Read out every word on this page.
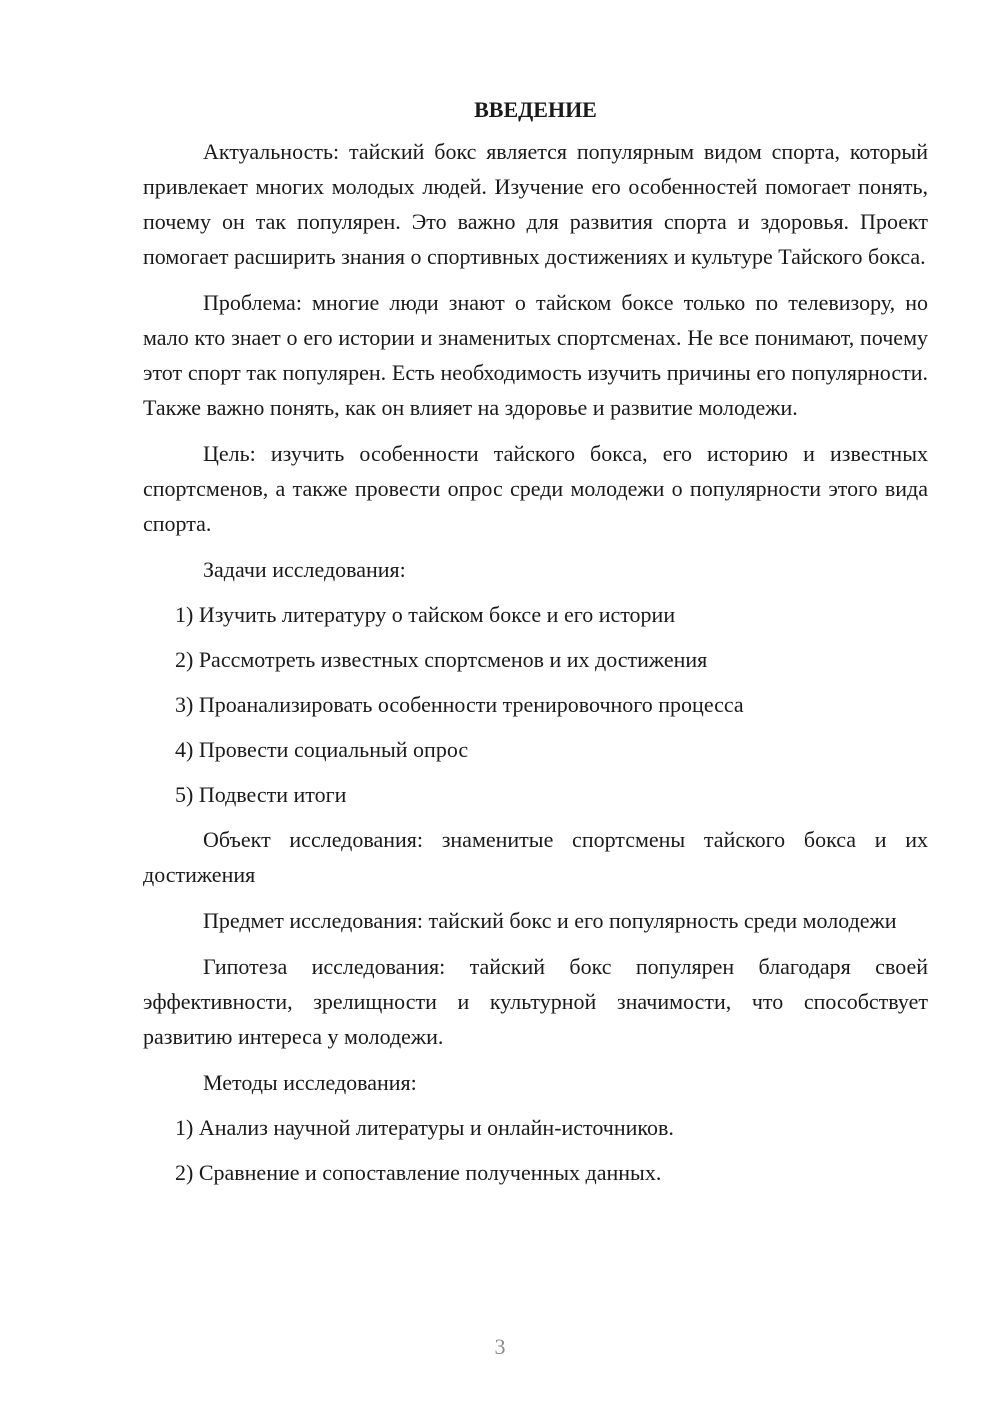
ВВЕДЕНИЕ

Актуальность: тайский бокс является популярным видом спорта, который привлекает многих молодых людей. Изучение его особенностей помогает понять, почему он так популярен. Это важно для развития спорта и здоровья. Проект помогает расширить знания о спортивных достижениях и культуре Тайского бокса.

Проблема: многие люди знают о тайском боксе только по телевизору, но мало кто знает о его истории и знаменитых спортсменах. Не все понимают, почему этот спорт так популярен. Есть необходимость изучить причины его популярности. Также важно понять, как он влияет на здоровье и развитие молодежи.

Цель: изучить особенности тайского бокса, его историю и известных спортсменов, а также провести опрос среди молодежи о популярности этого вида спорта.

Задачи исследования:

1) Изучить литературу о тайском боксе и его истории
2) Рассмотреть известных спортсменов и их достижения
3) Проанализировать особенности тренировочного процесса
4) Провести социальный опрос
5) Подвести итоги

Объект исследования: знаменитые спортсмены тайского бокса и их достижения

Предмет исследования: тайский бокс и его популярность среди молодежи

Гипотеза исследования: тайский бокс популярен благодаря своей эффективности, зрелищности и культурной значимости, что способствует развитию интереса у молодежи.

Методы исследования:

1) Анализ научной литературы и онлайн-источников.
2) Сравнение и сопоставление полученных данных.
3
